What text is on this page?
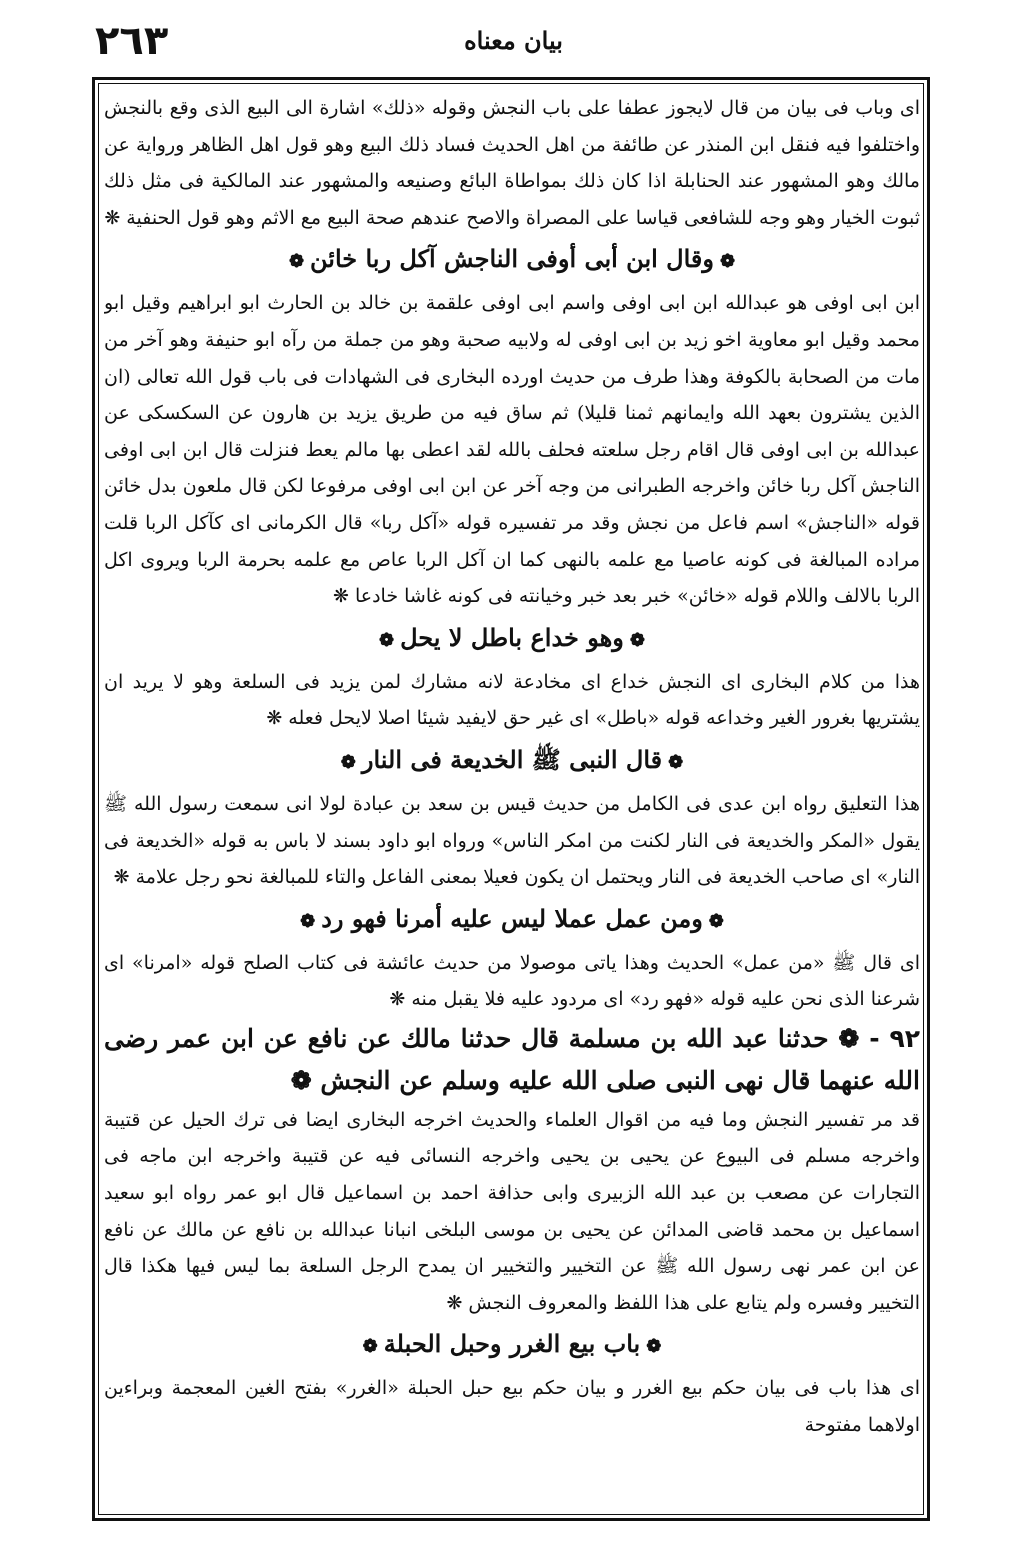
٢٦٣	بيان معناه

اى وباب فى بيان من قال لايجوز عطفا على باب النجش وقوله «ذلك» اشارة الى البيع الذى وقع بالنجش واختلفوا فيه فنقل ابن المنذر عن طائفة من اهل الحديث فساد ذلك البيع وهو قول اهل الظاهر ورواية عن مالك وهو المشهور عند الحنابلة اذا كان ذلك بمواطاة البائع وصنيعه والمشهور عند المالكية فى مثل ذلك ثبوت الخيار وهو وجه للشافعى قياسا على المصراة والاصح عندهم صحة البيع مع الاثم وهو قول الحنفية ❋

❁وقال ابن أبى أوفى الناجش آكل ربا خائن❁

ابن ابى اوفى هو عبدالله ابن ابى اوفى واسم ابى اوفى علقمة بن خالد بن الحارث ابو ابراهيم وقيل ابو محمد وقيل ابو معاوية اخو زيد بن ابى اوفى له ولابيه صحبة وهو من جملة من رآه ابو حنيفة وهو آخر من مات من الصحابة بالكوفة وهذا طرف من حديث اورده البخارى فى الشهادات فى باب قول الله تعالى (ان الذين يشترون بعهد الله وايمانهم ثمنا قليلا) ثم ساق فيه من طريق يزيد بن هارون عن السكسكى عن عبدالله بن ابى اوفى قال اقام رجل سلعته فحلف بالله لقد اعطى بها مالم يعط فنزلت قال ابن ابى اوفى الناجش آكل ربا خائن واخرجه الطبرانى من وجه آخر عن ابن ابى اوفى مرفوعا لكن قال ملعون بدل خائن قوله «الناجش» اسم فاعل من نجش وقد مر تفسيره قوله «آكل ربا» قال الكرمانى اى كآكل الربا قلت مراده المبالغة فى كونه عاصيا مع علمه بالنهى كما ان آكل الربا عاص مع علمه بحرمة الربا ويروى اكل الربا بالالف واللام قوله «خائن» خبر بعد خبر وخيانته فى كونه غاشا خادعا ❋

❁وهو خداع باطل لا يحل❁

هذا من كلام البخارى اى النجش خداع اى مخادعة لانه مشارك لمن يزيد فى السلعة وهو لا يريد ان يشتريها بغرور الغير وخداعه قوله «باطل» اى غير حق لايفيد شيئا اصلا لايحل فعله ❋

❁قال النبى ﷺ الخديعة فى النار❁

هذا التعليق رواه ابن عدى فى الكامل من حديث قيس بن سعد بن عبادة لولا انى سمعت رسول الله ﷺ يقول «المكر والخديعة فى النار لكنت من امكر الناس» ورواه ابو داود بسند لا باس به قوله «الخديعة فى النار» اى صاحب الخديعة فى النار ويحتمل ان يكون فعيلا بمعنى الفاعل والتاء للمبالغة نحو رجل علامة ❋

❁ومن عمل عملا ليس عليه أمرنا فهو رد❁

اى قال ﷺ «من عمل» الحديث وهذا ياتى موصولا من حديث عائشة فى كتاب الصلح قوله «امرنا» اى شرعنا الذى نحن عليه قوله «فهو رد» اى مردود عليه فلا يقبل منه ❋

٩٢ - ❁ حدثنا عبد الله بن مسلمة قال حدثنا مالك عن نافع عن ابن عمر رضى الله عنهما قال نهى النبى صلى الله عليه وسلم عن النجش ❁

قد مر تفسير النجش وما فيه من اقوال العلماء والحديث اخرجه البخارى ايضا فى ترك الحيل عن قتيبة واخرجه مسلم فى البيوع عن يحيى بن يحيى واخرجه النسائى فيه عن قتيبة واخرجه ابن ماجه فى التجارات عن مصعب بن عبد الله الزبيرى وابى حذافة احمد بن اسماعيل قال ابو عمر رواه ابو سعيد اسماعيل بن محمد قاضى المدائن عن يحيى بن موسى البلخى انبانا عبدالله بن نافع عن مالك عن نافع عن ابن عمر نهى رسول الله ﷺ عن التخيير والتخيير ان يمدح الرجل السلعة بما ليس فيها هكذا قال التخيير وفسره ولم يتابع على هذا اللفظ والمعروف النجش ❋

❁باب بيع الغرر وحبل الحبلة❁

اى هذا باب فى بيان حكم بيع الغرر و بيان حكم بيع حبل الحبلة «الغرر» بفتح الغين المعجمة وبراءين اولاهما مفتوحة
